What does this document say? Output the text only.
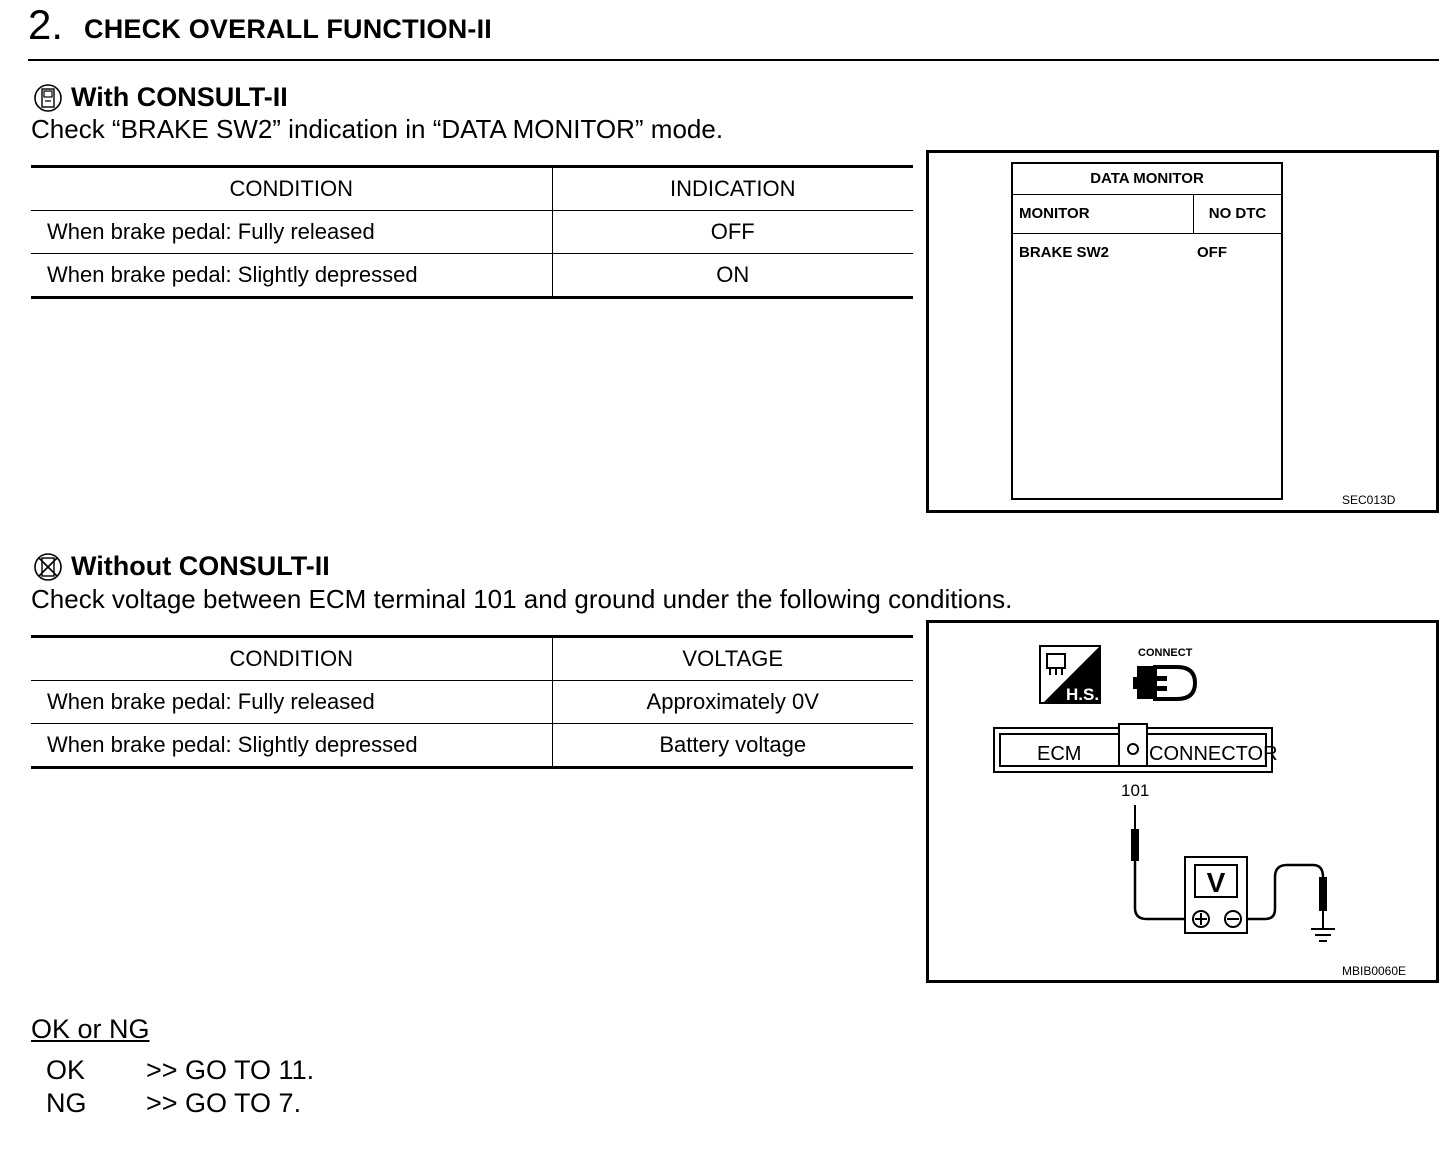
2. CHECK OVERALL FUNCTION-II
With CONSULT-II
Check “BRAKE SW2” indication in “DATA MONITOR” mode.
CONDITION	INDICATION
When brake pedal: Fully released	OFF
When brake pedal: Slightly depressed	ON
DATA MONITOR
MONITOR	NO DTC
BRAKE SW2	OFF
SEC013D
Without CONSULT-II
Check voltage between ECM terminal 101 and ground under the following conditions.
CONDITION	VOLTAGE
When brake pedal: Fully released	Approximately 0V
When brake pedal: Slightly depressed	Battery voltage
H.S.
CONNECT
ECM	CONNECTOR
101
V
MBIB0060E
OK or NG
OK >> GO TO 11.
NG >> GO TO 7.
